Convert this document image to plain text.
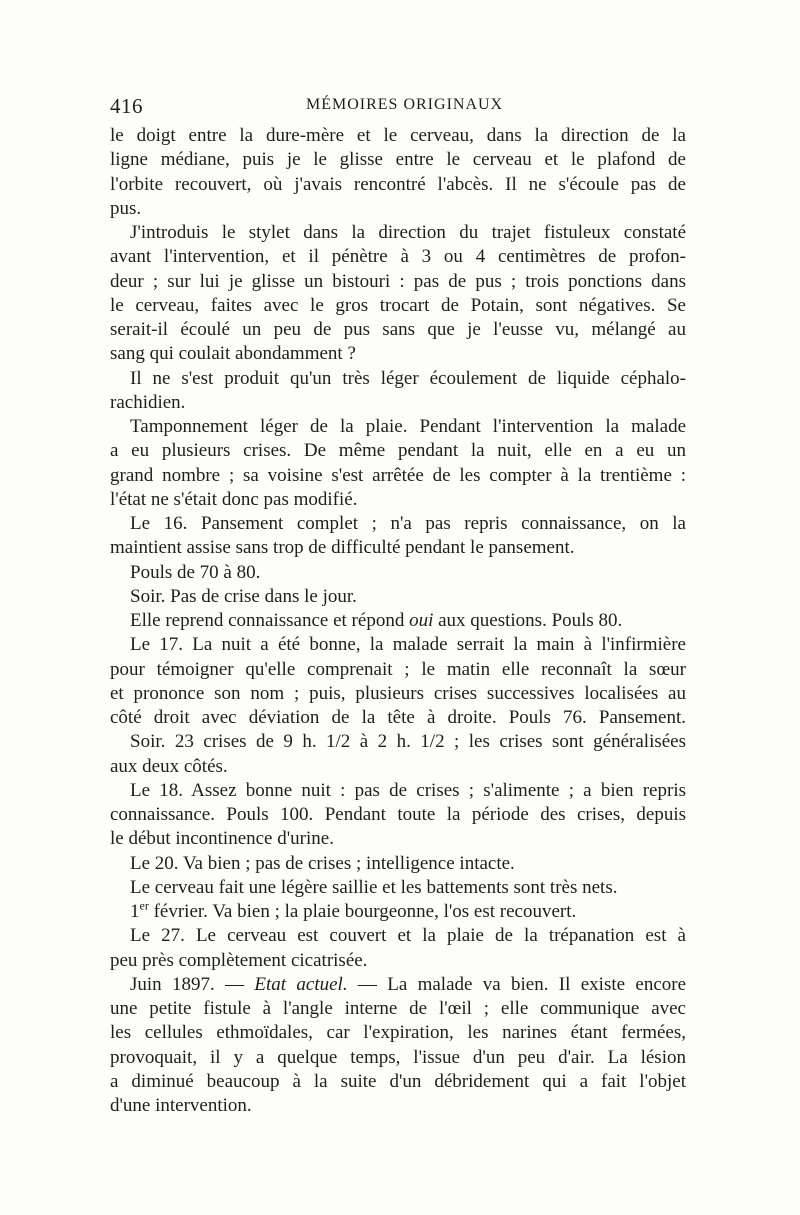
416	MÉMOIRES ORIGINAUX
le doigt entre la dure-mère et le cerveau, dans la direction de la
ligne médiane, puis je le glisse entre le cerveau et le plafond de
l'orbite recouvert, où j'avais rencontré l'abcès. Il ne s'écoule pas de
pus.
J'introduis le stylet dans la direction du trajet fistuleux constaté
avant l'intervention, et il pénètre à 3 ou 4 centimètres de profon-
deur ; sur lui je glisse un bistouri : pas de pus ; trois ponctions dans
le cerveau, faites avec le gros trocart de Potain, sont négatives. Se
serait-il écoulé un peu de pus sans que je l'eusse vu, mélangé au
sang qui coulait abondamment ?
Il ne s'est produit qu'un très léger écoulement de liquide céphalo-
rachidien.
Tamponnement léger de la plaie. Pendant l'intervention la malade
a eu plusieurs crises. De même pendant la nuit, elle en a eu un
grand nombre ; sa voisine s'est arrêtée de les compter à la trentième :
l'état ne s'était donc pas modifié.
Le 16. Pansement complet ; n'a pas repris connaissance, on la
maintient assise sans trop de difficulté pendant le pansement.
Pouls de 70 à 80.
Soir. Pas de crise dans le jour.
Elle reprend connaissance et répond oui aux questions. Pouls 80.
Le 17. La nuit a été bonne, la malade serrait la main à l'infirmière
pour témoigner qu'elle comprenait ; le matin elle reconnaît la sœur
et prononce son nom ; puis, plusieurs crises successives localisées au
côté droit avec déviation de la tête à droite. Pouls 76. Pansement.
Soir. 23 crises de 9 h. 1/2 à 2 h. 1/2 ; les crises sont généralisées
aux deux côtés.
Le 18. Assez bonne nuit : pas de crises ; s'alimente ; a bien repris
connaissance. Pouls 100. Pendant toute la période des crises, depuis
le début incontinence d'urine.
Le 20. Va bien ; pas de crises ; intelligence intacte.
Le cerveau fait une légère saillie et les battements sont très nets.
1er février. Va bien ; la plaie bourgeonne, l'os est recouvert.
Le 27. Le cerveau est couvert et la plaie de la trépanation est à
peu près complètement cicatrisée.
Juin 1897. — Etat actuel. — La malade va bien. Il existe encore
une petite fistule à l'angle interne de l'œil ; elle communique avec
les cellules ethmoïdales, car l'expiration, les narines étant fermées,
provoquait, il y a quelque temps, l'issue d'un peu d'air. La lésion
a diminué beaucoup à la suite d'un débridement qui a fait l'objet
d'une intervention.
